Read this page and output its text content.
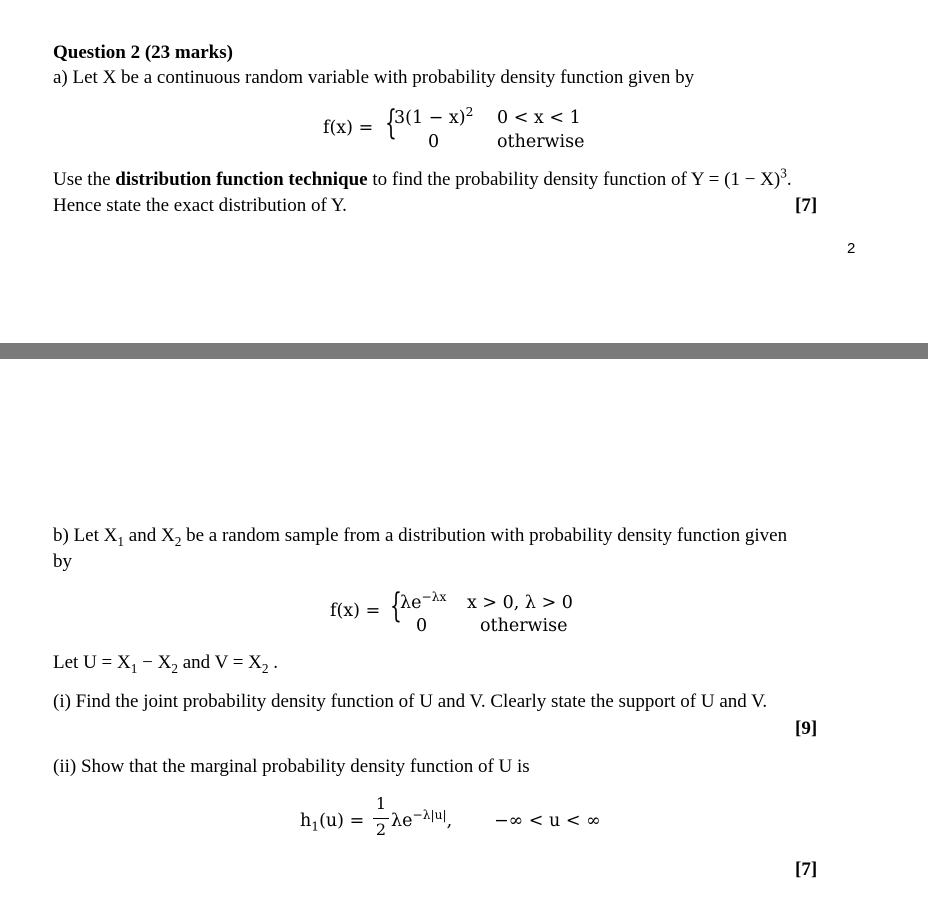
Question 2 (23 marks)
a) Let X be a continuous random variable with probability density function given by
f(x) = {
$3(1 - x)^2$ 0 < x < 1
0	otherwise
Use the distribution function technique to find the probability density function of $Y = (1 - X)^3$.
Hence state the exact distribution of Y.	[7]
2
b) Let $X_1$ and $X_2$ be a random sample from a distribution with probability density function given
by
f(x) = {
$\lambda e^{-\lambda x}$ x > 0, λ > 0
0	otherwise
Let $U = X_1 - X_2$ and $V = X_2$ .
(i) Find the joint probability density function of U and V. Clearly state the support of U and V.
[9]
(ii) Show that the marginal probability density function of U is
$h_1(u)$ =
1
2 $\lambda e^{-\lambda|u|}$, −∞ < u < ∞
[7]
